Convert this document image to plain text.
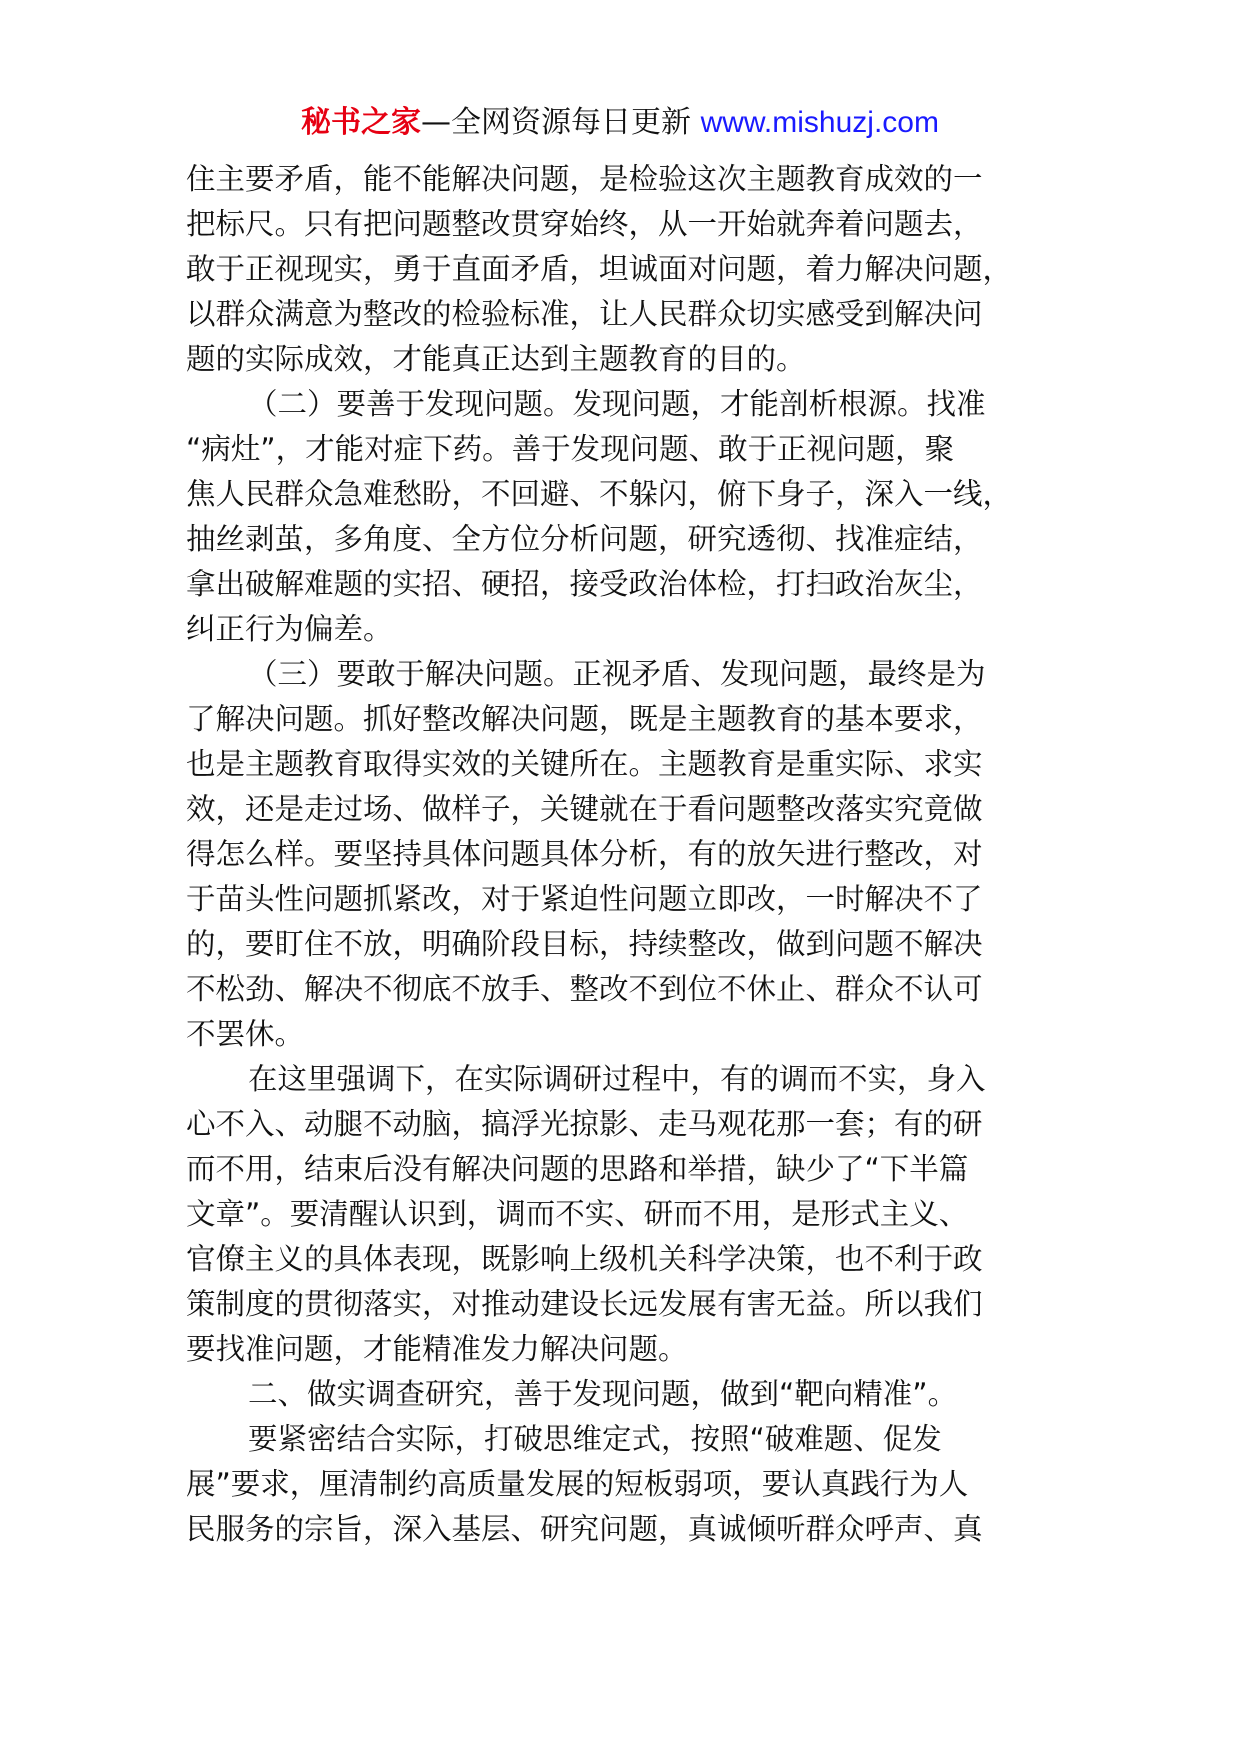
秘书之家—全网资源每日更新 www.mishuzj.com
住主要矛盾，能不能解决问题，是检验这次主题教育成效的一
把标尺。只有把问题整改贯穿始终，从一开始就奔着问题去，
敢于正视现实，勇于直面矛盾，坦诚面对问题，着力解决问题，
以群众满意为整改的检验标准，让人民群众切实感受到解决问
题的实际成效，才能真正达到主题教育的目的。
（二）要善于发现问题。发现问题，才能剖析根源。找准
“病灶”，才能对症下药。善于发现问题、敢于正视问题，聚
焦人民群众急难愁盼，不回避、不躲闪，俯下身子，深入一线，
抽丝剥茧，多角度、全方位分析问题，研究透彻、找准症结，
拿出破解难题的实招、硬招，接受政治体检，打扫政治灰尘，
纠正行为偏差。
（三）要敢于解决问题。正视矛盾、发现问题，最终是为
了解决问题。抓好整改解决问题，既是主题教育的基本要求，
也是主题教育取得实效的关键所在。主题教育是重实际、求实
效，还是走过场、做样子，关键就在于看问题整改落实究竟做
得怎么样。要坚持具体问题具体分析，有的放矢进行整改，对
于苗头性问题抓紧改，对于紧迫性问题立即改，一时解决不了
的，要盯住不放，明确阶段目标，持续整改，做到问题不解决
不松劲、解决不彻底不放手、整改不到位不休止、群众不认可
不罢休。
在这里强调下，在实际调研过程中，有的调而不实，身入
心不入、动腿不动脑，搞浮光掠影、走马观花那一套；有的研
而不用，结束后没有解决问题的思路和举措，缺少了“下半篇
文章”。要清醒认识到，调而不实、研而不用，是形式主义、
官僚主义的具体表现，既影响上级机关科学决策，也不利于政
策制度的贯彻落实，对推动建设长远发展有害无益。所以我们
要找准问题，才能精准发力解决问题。
二、做实调查研究，善于发现问题，做到“靶向精准”。
要紧密结合实际，打破思维定式，按照“破难题、促发
展”要求，厘清制约高质量发展的短板弱项，要认真践行为人
民服务的宗旨，深入基层、研究问题，真诚倾听群众呼声、真
